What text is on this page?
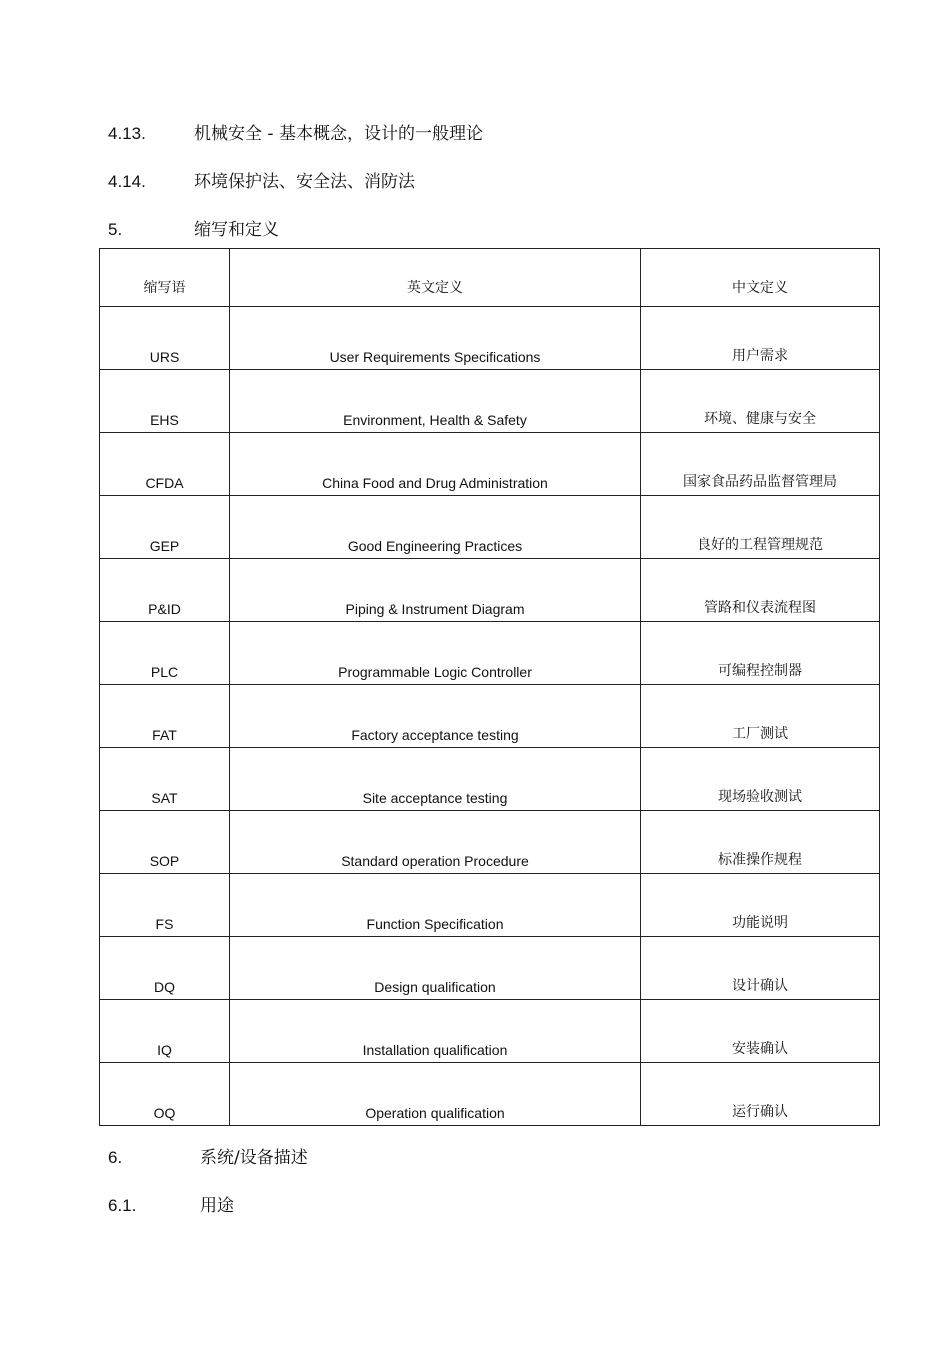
4.13.	机械安全 - 基本概念，设计的一般理论
4.14.	环境保护法、安全法、消防法
5.	缩写和定义
缩写语	英文定义	中文定义
URS	User Requirements Specifications	用户需求
EHS	Environment, Health & Safety	环境、健康与安全
CFDA	China Food and Drug Administration	国家食品药品监督管理局
GEP	Good Engineering Practices	良好的工程管理规范
P&ID	Piping & Instrument Diagram	管路和仪表流程图
PLC	Programmable Logic Controller	可编程控制器
FAT	Factory acceptance testing	工厂测试
SAT	Site acceptance testing	现场验收测试
SOP	Standard operation Procedure	标准操作规程
FS	Function Specification	功能说明
DQ	Design qualification	设计确认
IQ	Installation qualification	安装确认
OQ	Operation qualification	运行确认
6.	系统/设备描述
6.1.	用途
